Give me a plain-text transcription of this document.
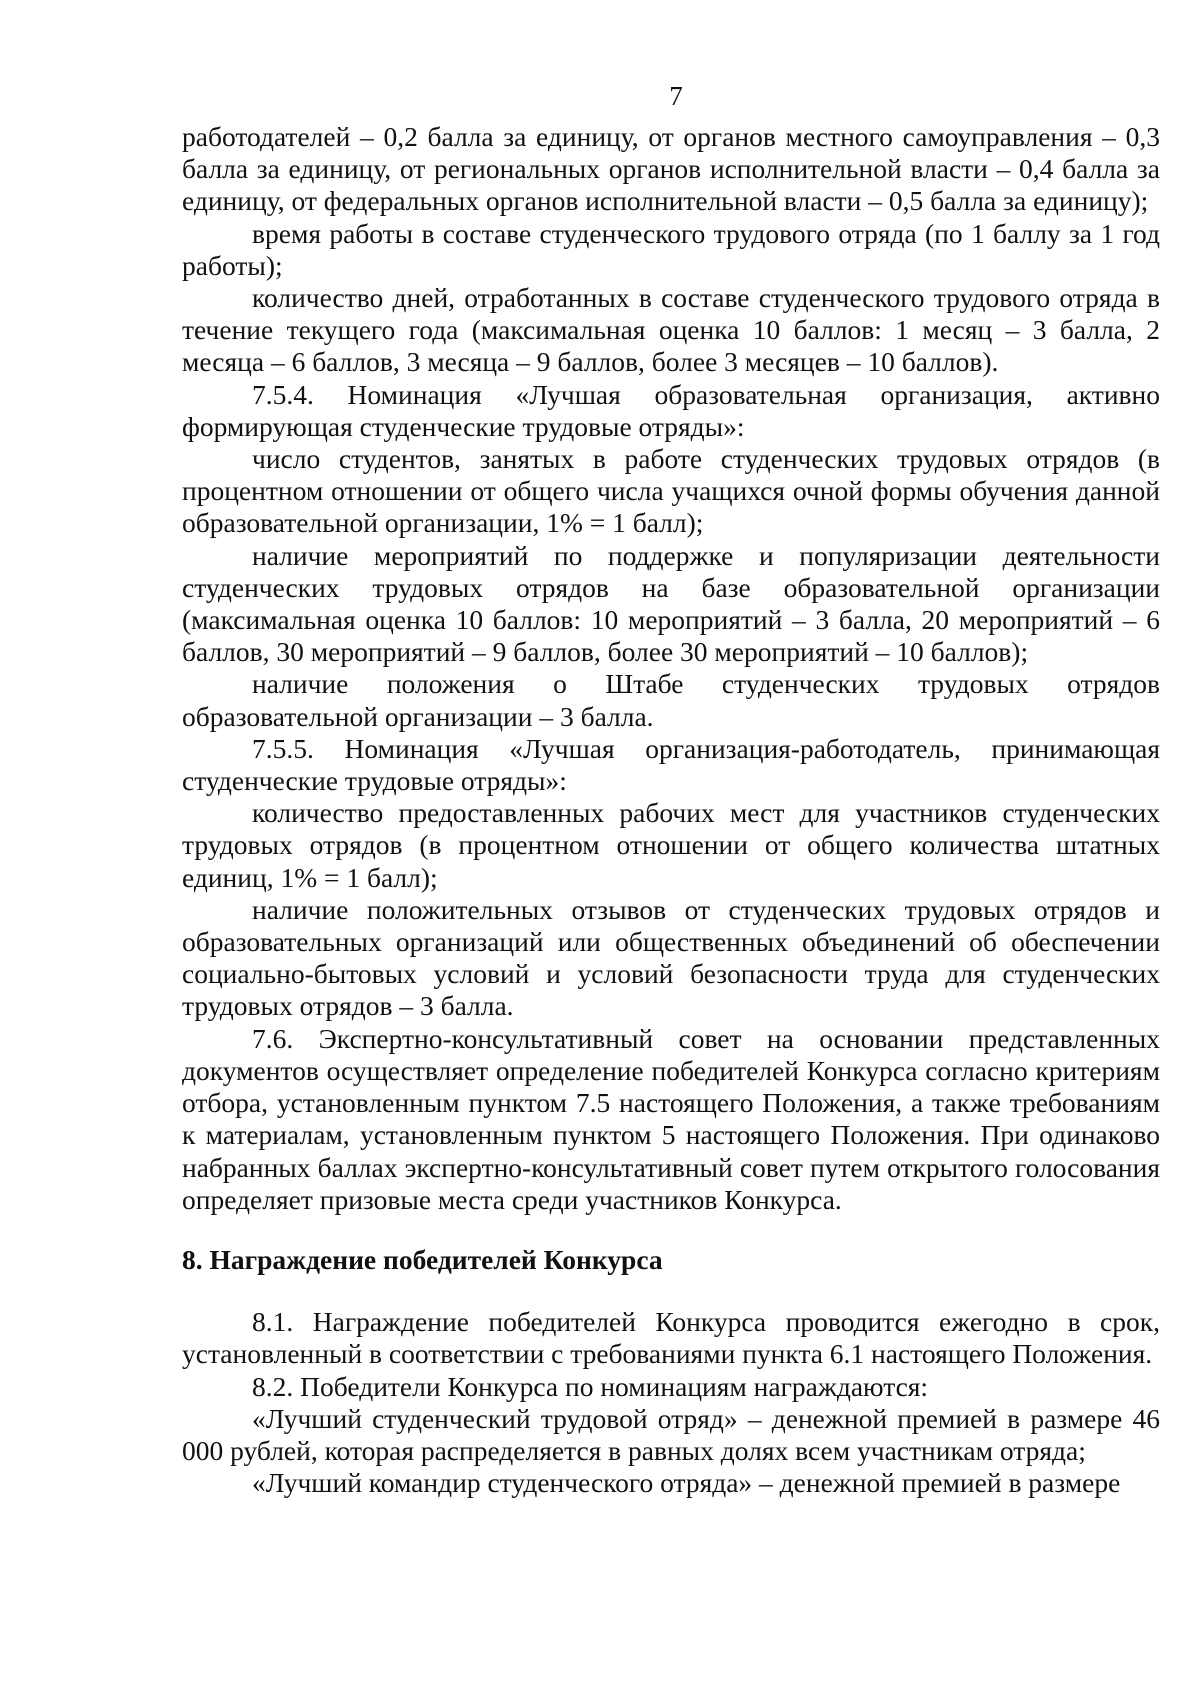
7

работодателей – 0,2 балла за единицу, от органов местного самоуправления – 0,3 балла за единицу, от региональных органов исполнительной власти – 0,4 балла за единицу, от федеральных органов исполнительной власти – 0,5 балла за единицу);

время работы в составе студенческого трудового отряда (по 1 баллу за 1 год работы);

количество дней, отработанных в составе студенческого трудового отряда в течение текущего года (максимальная оценка 10 баллов: 1 месяц – 3 балла, 2 месяца – 6 баллов, 3 месяца – 9 баллов, более 3 месяцев – 10 баллов).

7.5.4. Номинация «Лучшая образовательная организация, активно формирующая студенческие трудовые отряды»:

число студентов, занятых в работе студенческих трудовых отрядов (в процентном отношении от общего числа учащихся очной формы обучения данной образовательной организации, 1% = 1 балл);

наличие мероприятий по поддержке и популяризации деятельности студенческих трудовых отрядов на базе образовательной организации (максимальная оценка 10 баллов: 10 мероприятий – 3 балла, 20 мероприятий – 6 баллов, 30 мероприятий – 9 баллов, более 30 мероприятий – 10 баллов);

наличие положения о Штабе студенческих трудовых отрядов образовательной организации – 3 балла.

7.5.5. Номинация «Лучшая организация-работодатель, принимающая студенческие трудовые отряды»:

количество предоставленных рабочих мест для участников студенческих трудовых отрядов (в процентном отношении от общего количества штатных единиц, 1% = 1 балл);

наличие положительных отзывов от студенческих трудовых отрядов и образовательных организаций или общественных объединений об обеспечении социально-бытовых условий и условий безопасности труда для студенческих трудовых отрядов – 3 балла.

7.6. Экспертно-консультативный совет на основании представленных документов осуществляет определение победителей Конкурса согласно критериям отбора, установленным пунктом 7.5 настоящего Положения, а также требованиям к материалам, установленным пунктом 5 настоящего Положения. При одинаково набранных баллах экспертно-консультативный совет путем открытого голосования определяет призовые места среди участников Конкурса.

8. Награждение победителей Конкурса

8.1. Награждение победителей Конкурса проводится ежегодно в срок, установленный в соответствии с требованиями пункта 6.1 настоящего Положения.

8.2. Победители Конкурса по номинациям награждаются:

«Лучший студенческий трудовой отряд» – денежной премией в размере 46 000 рублей, которая распределяется в равных долях всем участникам отряда;

«Лучший командир студенческого отряда» – денежной премией в размере
